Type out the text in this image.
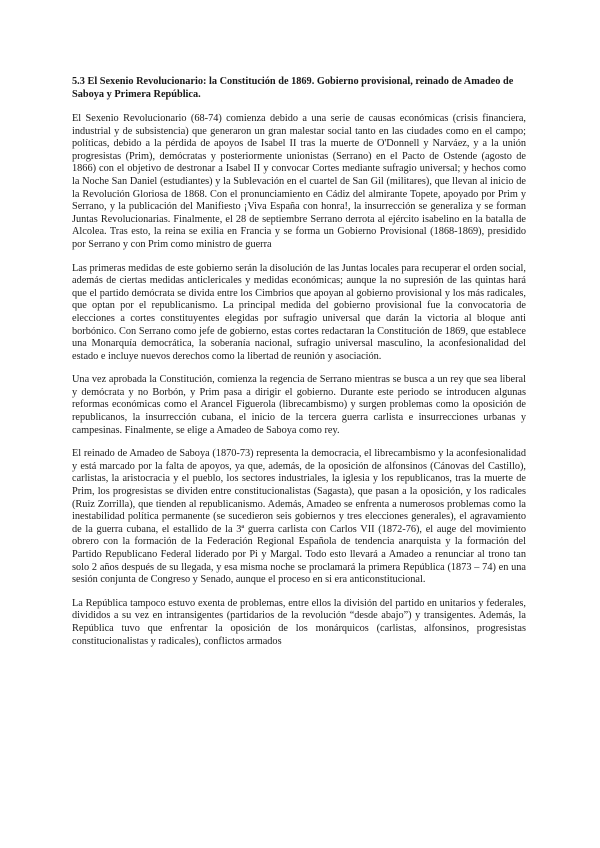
5.3 El Sexenio Revolucionario: la Constitución de 1869. Gobierno provisional, reinado de Amadeo de Saboya y Primera República.

El Sexenio Revolucionario (68-74) comienza debido a una serie de causas económicas (crisis financiera, industrial y de subsistencia) que generaron un gran malestar social tanto en las ciudades como en el campo; políticas, debido a la pérdida de apoyos de Isabel II tras la muerte de O'Donnell y Narváez, y a la unión progresistas (Prim), demócratas y posteriormente unionistas (Serrano) en el Pacto de Ostende (agosto de 1866) con el objetivo de destronar a Isabel II y convocar Cortes mediante sufragio universal; y hechos como la Noche San Daniel (estudiantes) y la Sublevación en el cuartel de San Gil (militares), que llevan al inicio de la Revolución Gloriosa de 1868. Con el pronunciamiento en Cádiz del almirante Topete, apoyado por Prim y Serrano, y la publicación del Manifiesto ¡Viva España con honra!, la insurrección se generaliza y se forman Juntas Revolucionarias. Finalmente, el 28 de septiembre Serrano derrota al ejército isabelino en la batalla de Alcolea. Tras esto, la reina se exilia en Francia y se forma un Gobierno Provisional (1868-1869), presidido por Serrano y con Prim como ministro de guerra

Las primeras medidas de este gobierno serán la disolución de las Juntas locales para recuperar el orden social, además de ciertas medidas anticlericales y medidas económicas; aunque la no supresión de las quintas hará que el partido demócrata se divida entre los Cimbrios que apoyan al gobierno provisional y los más radicales, que optan por el republicanismo. La principal medida del gobierno provisional fue la convocatoria de elecciones a cortes constituyentes elegidas por sufragio universal que darán la victoria al bloque anti borbónico. Con Serrano como jefe de gobierno, estas cortes redactaran la Constitución de 1869, que establece una Monarquía democrática, la soberanía nacional, sufragio universal masculino, la aconfesionalidad del estado e incluye nuevos derechos como la libertad de reunión y asociación.

Una vez aprobada la Constitución, comienza la regencia de Serrano mientras se busca a un rey que sea liberal y demócrata y no Borbón, y Prim pasa a dirigir el gobierno. Durante este periodo se introducen algunas reformas económicas como el Arancel Figuerola (librecambismo) y surgen problemas como la oposición de republicanos, la insurrección cubana, el inicio de la tercera guerra carlista e insurrecciones urbanas y campesinas. Finalmente, se elige a Amadeo de Saboya como rey.

El reinado de Amadeo de Saboya (1870-73) representa la democracia, el librecambismo y la aconfesionalidad y está marcado por la falta de apoyos, ya que, además, de la oposición de alfonsinos (Cánovas del Castillo), carlistas, la aristocracia y el pueblo, los sectores industriales, la iglesia y los republicanos, tras la muerte de Prim, los progresistas se dividen entre constitucionalistas (Sagasta), que pasan a la oposición, y los radicales (Ruiz Zorrilla), que tienden al republicanismo. Además, Amadeo se enfrenta a numerosos problemas como la inestabilidad política permanente (se sucedieron seis gobiernos y tres elecciones generales), el agravamiento de la guerra cubana, el estallido de la 3ª guerra carlista con Carlos VII (1872-76), el auge del movimiento obrero con la formación de la Federación Regional Española de tendencia anarquista y la formación del Partido Republicano Federal liderado por Pi y Margal. Todo esto llevará a Amadeo a renunciar al trono tan solo 2 años después de su llegada, y esa misma noche se proclamará la primera República (1873 – 74) en una sesión conjunta de Congreso y Senado, aunque el proceso en si era anticonstitucional.

La República tampoco estuvo exenta de problemas, entre ellos la división del partido en unitarios y federales, divididos a su vez en intransigentes (partidarios de la revolución “desde abajo”) y transigentes. Además, la República tuvo que enfrentar la oposición de los monárquicos (carlistas, alfonsinos, progresistas constitucionalistas y radicales), conflictos armados
